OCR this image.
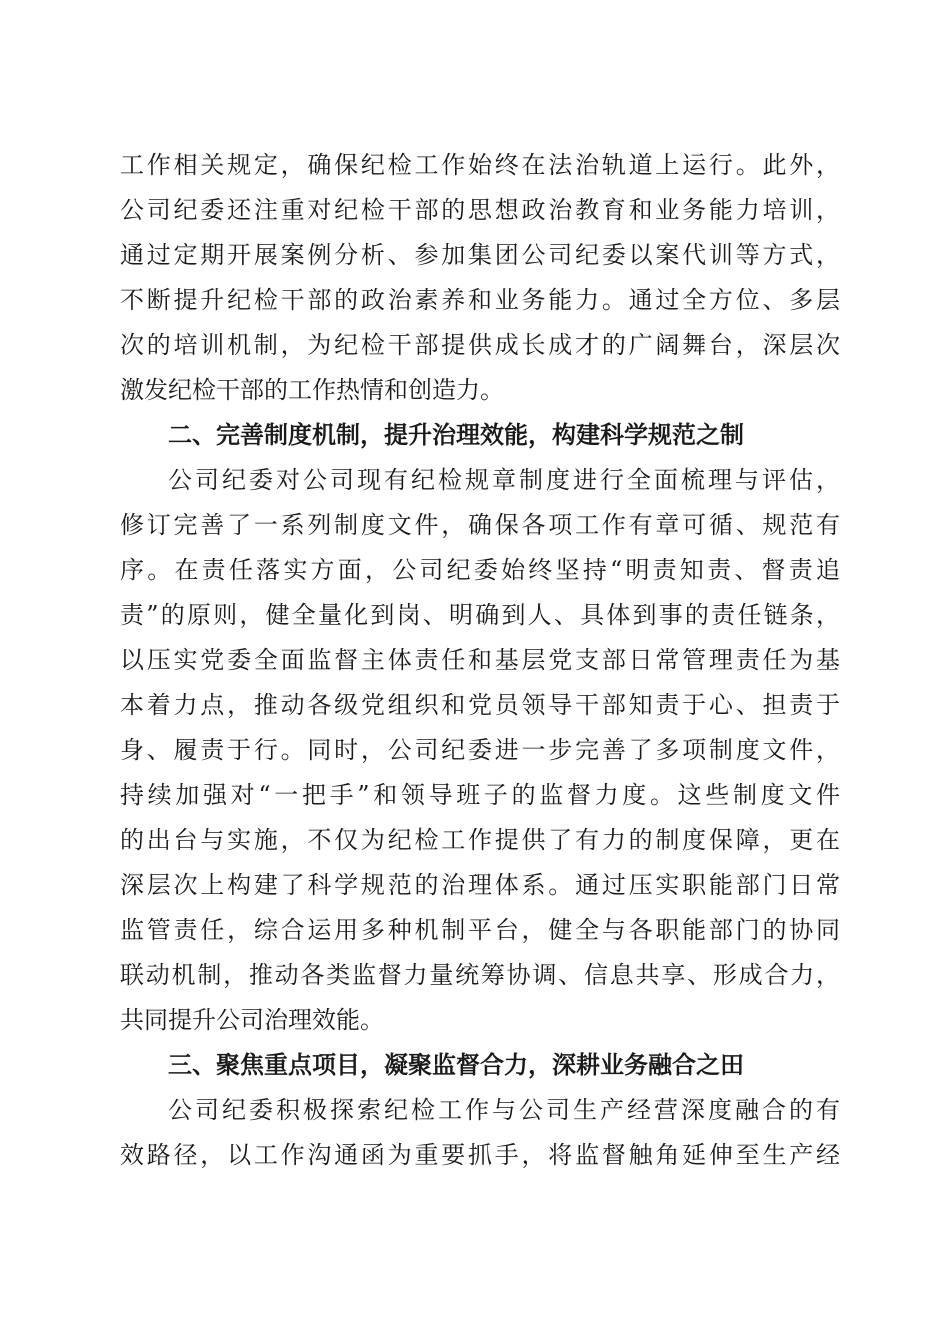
工作相关规定，确保纪检工作始终在法治轨道上运行。此外，
公司纪委还注重对纪检干部的思想政治教育和业务能力培训，
通过定期开展案例分析、参加集团公司纪委以案代训等方式，
不断提升纪检干部的政治素养和业务能力。通过全方位、多层
次的培训机制，为纪检干部提供成长成才的广阔舞台，深层次
激发纪检干部的工作热情和创造力。
二、完善制度机制，提升治理效能，构建科学规范之制
公司纪委对公司现有纪检规章制度进行全面梳理与评估，
修订完善了一系列制度文件，确保各项工作有章可循、规范有
序。在责任落实方面，公司纪委始终坚持“明责知责、督责追
责”的原则，健全量化到岗、明确到人、具体到事的责任链条，
以压实党委全面监督主体责任和基层党支部日常管理责任为基
本着力点，推动各级党组织和党员领导干部知责于心、担责于
身、履责于行。同时，公司纪委进一步完善了多项制度文件，
持续加强对“一把手”和领导班子的监督力度。这些制度文件
的出台与实施，不仅为纪检工作提供了有力的制度保障，更在
深层次上构建了科学规范的治理体系。通过压实职能部门日常
监管责任，综合运用多种机制平台，健全与各职能部门的协同
联动机制，推动各类监督力量统筹协调、信息共享、形成合力，
共同提升公司治理效能。
三、聚焦重点项目，凝聚监督合力，深耕业务融合之田
公司纪委积极探索纪检工作与公司生产经营深度融合的有
效路径，以工作沟通函为重要抓手，将监督触角延伸至生产经
